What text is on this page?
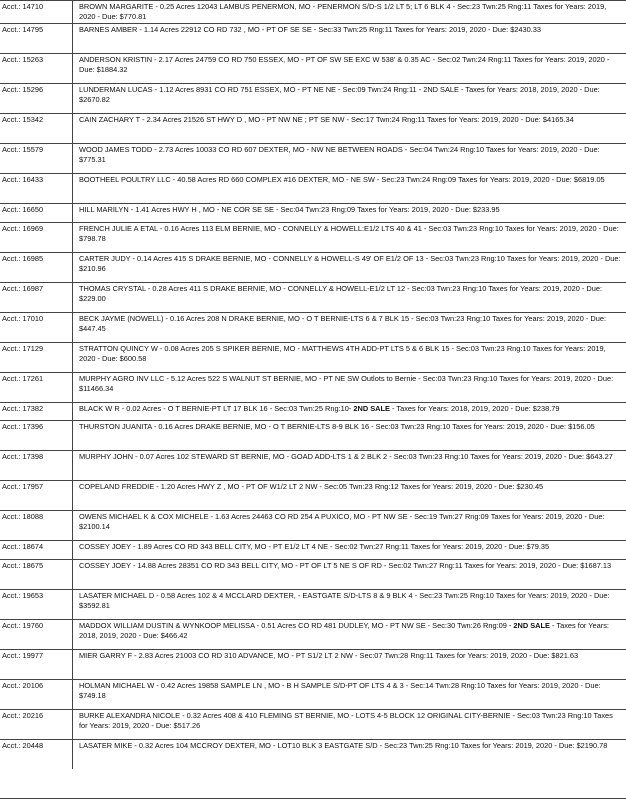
Acct.: 14710	BROWN MARGARITE - 0.25 Acres 12043 LAMBUS PENERMON, MO - PENERMON S/D-S 1/2 LT 5; LT 6 BLK 4 - Sec:23 Twn:25 Rng:11 Taxes for Years: 2019, 2020 - Due: $770.81
Acct.: 14795	BARNES AMBER - 1.14 Acres 22912 CO RD 732 , MO - PT OF SE SE - Sec:33 Twn:25 Rng:11 Taxes for Years: 2019, 2020 - Due: $2430.33
Acct.: 15263	ANDERSON KRISTIN - 2.17 Acres 24759 CO RD 750 ESSEX, MO - PT OF SW SE EXC W 538' & 0.35 AC - Sec:02 Twn:24 Rng:11 Taxes for Years: 2019, 2020 - Due: $1884.32
Acct.: 15296	LUNDERMAN LUCAS - 1.12 Acres 8931 CO RD 751 ESSEX, MO - PT NE NE - Sec:09 Twn:24 Rng:11 - 2ND SALE - Taxes for Years: 2018, 2019, 2020 - Due: $2670.82
Acct.: 15342	CAIN ZACHARY T - 2.34 Acres 21526 ST HWY D , MO - PT NW NE ; PT SE NW - Sec:17 Twn:24 Rng:11 Taxes for Years: 2019, 2020 - Due: $4165.34
Acct.: 15579	WOOD JAMES TODD - 2.73 Acres 10033 CO RD 607 DEXTER, MO - NW NE BETWEEN ROADS - Sec:04 Twn:24 Rng:10 Taxes for Years: 2019, 2020 - Due: $775.31
Acct.: 16433	BOOTHEEL POULTRY LLC - 40.58 Acres RD 660 COMPLEX #16 DEXTER, MO - NE SW - Sec:23 Twn:24 Rng:09 Taxes for Years: 2019, 2020 - Due: $6819.05
Acct.: 16650	HILL MARILYN - 1.41 Acres HWY H , MO - NE COR SE SE - Sec:04 Twn:23 Rng:09 Taxes for Years: 2019, 2020 - Due: $233.95
Acct.: 16969	FRENCH JULIE A ETAL - 0.16 Acres 113 ELM BERNIE, MO - CONNELLY & HOWELL:E1/2 LTS 40 & 41 - Sec:03 Twn:23 Rng:10 Taxes for Years: 2019, 2020 - Due: $798.78
Acct.: 16985	CARTER JUDY - 0.14 Acres 415 S DRAKE BERNIE, MO - CONNELLY & HOWELL-S 49' OF E1/2 OF 13 - Sec:03 Twn:23 Rng:10 Taxes for Years: 2019, 2020 - Due: $210.96
Acct.: 16987	THOMAS CRYSTAL - 0.28 Acres 411 S DRAKE BERNIE, MO - CONNELLY & HOWELL-E1/2 LT 12 - Sec:03 Twn:23 Rng:10 Taxes for Years: 2019, 2020 - Due: $229.00
Acct.: 17010	BECK JAYME (NOWELL) - 0.16 Acres 208 N DRAKE BERNIE, MO - O T BERNIE-LTS 6 & 7 BLK 15 - Sec:03 Twn:23 Rng:10 Taxes for Years: 2019, 2020 - Due: $447.45
Acct.: 17129	STRATTON QUINCY W - 0.08 Acres 205 S SPIKER BERNIE, MO - MATTHEWS 4TH ADD-PT LTS 5 & 6 BLK 15 - Sec:03 Twn:23 Rng:10 Taxes for Years: 2019, 2020 - Due: $600.58
Acct.: 17261	MURPHY AGRO INV LLC - 5.12 Acres 522 S WALNUT ST BERNIE, MO - PT NE SW Outlots to Bernie - Sec:03 Twn:23 Rng:10 Taxes for Years: 2019, 2020 - Due: $11466.34
Acct.: 17382	BLACK W R - 0.02 Acres - O T BERNIE-PT LT 17 BLK 16 - Sec:03 Twn:25 Rng:10- 2ND SALE - Taxes for Years: 2018, 2019, 2020 - Due: $238.79
Acct.: 17396	THURSTON JUANITA - 0.16 Acres DRAKE BERNIE, MO - O T BERNIE-LTS 8-9 BLK 16 - Sec:03 Twn:23 Rng:10 Taxes for Years: 2019, 2020 - Due: $156.05
Acct.: 17398	MURPHY JOHN - 0.07 Acres 102 STEWARD ST BERNIE, MO - GOAD ADD-LTS 1 & 2 BLK 2 - Sec:03 Twn:23 Rng:10 Taxes for Years: 2019, 2020 - Due: $643.27
Acct.: 17957	COPELAND FREDDIE - 1.20 Acres HWY Z , MO - PT OF W1/2 LT 2 NW - Sec:05 Twn:23 Rng:12 Taxes for Years: 2019, 2020 - Due: $230.45
Acct.: 18088	OWENS MICHAEL K & COX MICHELE - 1.63 Acres 24463 CO RD 254 A PUXICO, MO - PT NW SE - Sec:19 Twn:27 Rng:09 Taxes for Years: 2019, 2020 - Due: $2100.14
Acct.: 18674	COSSEY JOEY - 1.89 Acres CO RD 343 BELL CITY, MO - PT E1/2 LT 4 NE - Sec:02 Twn:27 Rng:11 Taxes for Years: 2019, 2020 - Due: $79.35
Acct.: 18675	COSSEY JOEY - 14.88 Acres 28351 CO RD 343 BELL CITY, MO - PT OF LT 5 NE S OF RD - Sec:02 Twn:27 Rng:11 Taxes for Years: 2019, 2020 - Due: $1687.13
Acct.: 19653	LASATER MICHAEL D - 0.58 Acres 102 & 4 MCCLARD DEXTER, - EASTGATE S/D-LTS 8 & 9 BLK 4 - Sec:23 Twn:25 Rng:10 Taxes for Years: 2019, 2020 - Due: $3592.81
Acct.: 19760	MADDOX WILLIAM DUSTIN & WYNKOOP MELISSA - 0.51 Acres CO RD 481 DUDLEY, MO - PT NW SE - Sec:30 Twn:26 Rng:09 - 2ND SALE - Taxes for Years: 2018, 2019, 2020 - Due: $466.42
Acct.: 19977	MIER GARRY F - 2.83 Acres 21003 CO RD 310 ADVANCE, MO - PT S1/2 LT 2 NW - Sec:07 Twn:28 Rng:11 Taxes for Years: 2019, 2020 - Due: $821.63
Acct.: 20106	HOLMAN MICHAEL W - 0.42 Acres 19858 SAMPLE LN , MO - B H SAMPLE S/D-PT OF LTS 4 & 3 - Sec:14 Twn:28 Rng:10 Taxes for Years: 2019, 2020 - Due: $749.18
Acct.: 20216	BURKE ALEXANDRA NICOLE - 0.32 Acres 408 & 410 FLEMING ST BERNIE, MO - LOTS 4-5 BLOCK 12 ORIGINAL CITY-BERNIE - Sec:03 Twn:23 Rng:10 Taxes for Years: 2019, 2020 - Due: $517.26
Acct.: 20448	LASATER MIKE - 0.32 Acres 104 MCCROY DEXTER, MO - LOT10 BLK 3 EASTGATE S/D - Sec:23 Twn:25 Rng:10 Taxes for Years: 2019, 2020 - Due: $2190.78
